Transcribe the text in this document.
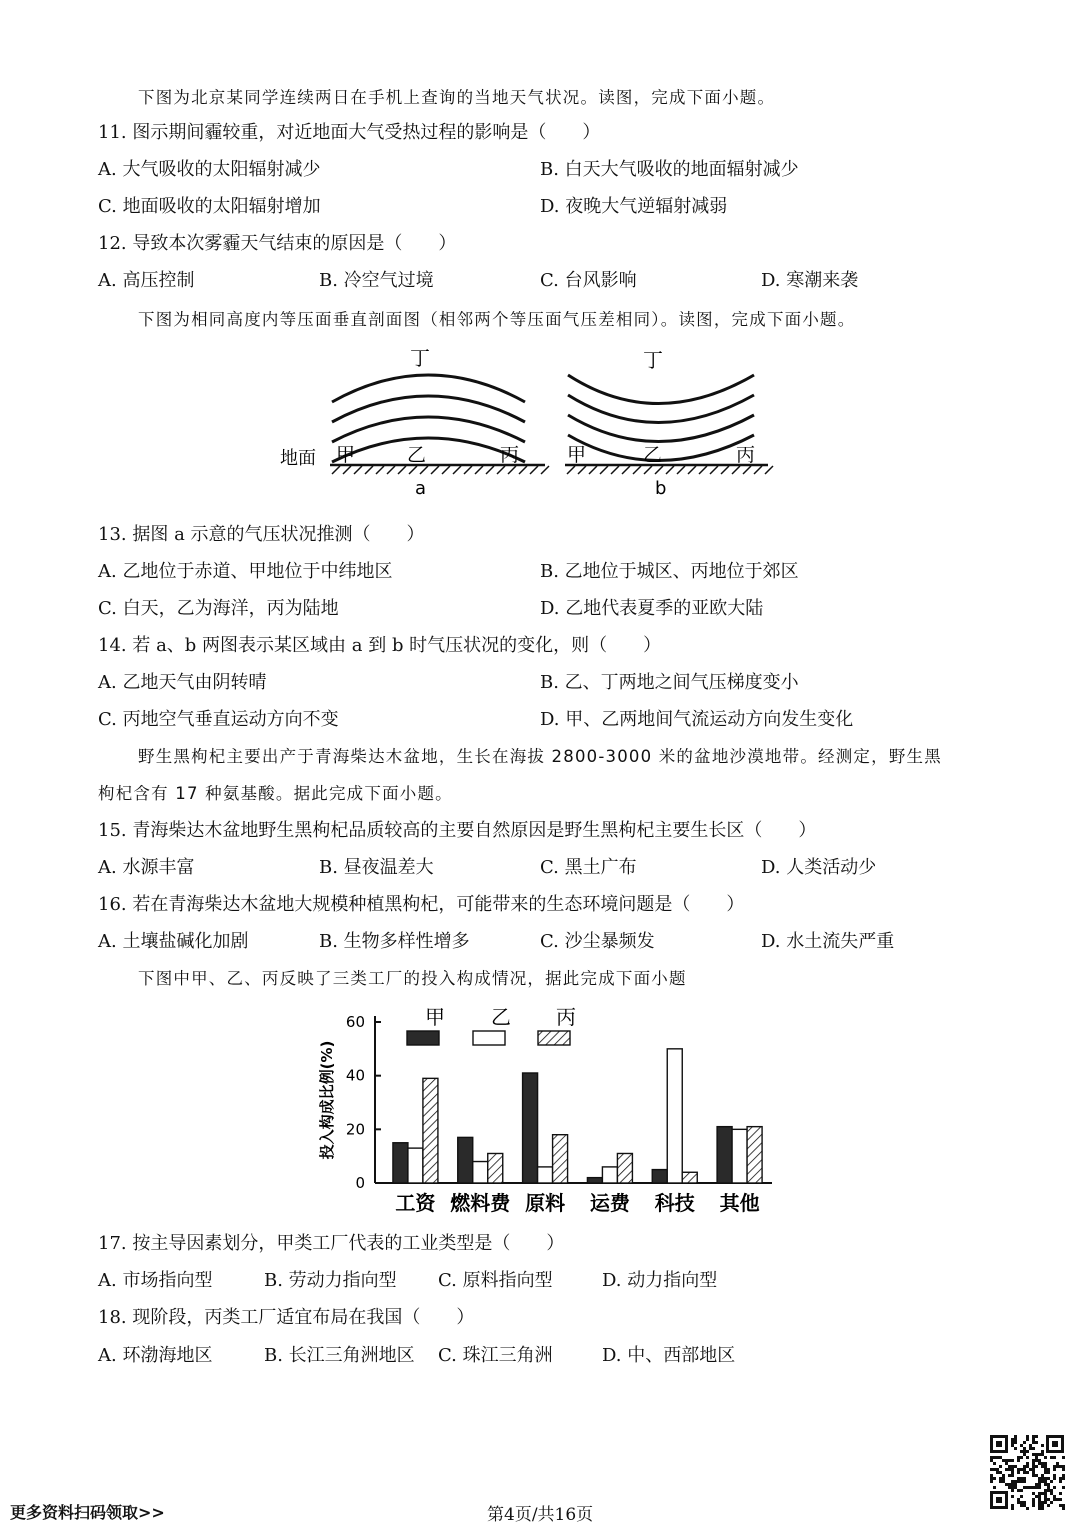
下图为北京某同学连续两日在手机上查询的当地天气状况。读图，完成下面小题。
11. 图示期间霾较重，对近地面大气受热过程的影响是（　　）
A. 大气吸收的太阳辐射减少	B. 白天大气吸收的地面辐射减少
C. 地面吸收的太阳辐射增加	D. 夜晚大气逆辐射减弱
12. 导致本次雾霾天气结束的原因是（　　）
A. 高压控制	B. 冷空气过境	C. 台风影响	D. 寒潮来袭
下图为相同高度内等压面垂直剖面图（相邻两个等压面气压差相同）。读图，完成下面小题。
地面
丁	丁
甲	乙	丙	甲	乙	丙
a	b
13. 据图 a 示意的气压状况推测（　　）
A. 乙地位于赤道、甲地位于中纬地区	B. 乙地位于城区、丙地位于郊区
C. 白天，乙为海洋，丙为陆地	D. 乙地代表夏季的亚欧大陆
14. 若 a、b 两图表示某区域由 a 到 b 时气压状况的变化，则（　　）
A. 乙地天气由阴转晴	B. 乙、丁两地之间气压梯度变小
C. 丙地空气垂直运动方向不变	D. 甲、乙两地间气流运动方向发生变化
野生黑枸杞主要出产于青海柴达木盆地，生长在海拔 2800-3000 米的盆地沙漠地带。经测定，野生黑
枸杞含有 17 种氨基酸。据此完成下面小题。
15. 青海柴达木盆地野生黑枸杞品质较高的主要自然原因是野生黑枸杞主要生长区（　　）
A. 水源丰富	B. 昼夜温差大	C. 黑土广布	D. 人类活动少
16. 若在青海柴达木盆地大规模种植黑枸杞，可能带来的生态环境问题是（　　）
A. 土壤盐碱化加剧	B. 生物多样性增多	C. 沙尘暴频发	D. 水土流失严重
下图中甲、乙、丙反映了三类工厂的投入构成情况，据此完成下面小题
投入构成比例(%)
0
20
40
60
工资 燃料费 原料 运费 科技 其他
甲 乙 丙
17. 按主导因素划分，甲类工厂代表的工业类型是（　　）
A. 市场指向型	B. 劳动力指向型 C. 原料指向型	D. 动力指向型
18. 现阶段，丙类工厂适宜布局在我国（　　）
A. 环渤海地区	B. 长江三角洲地区 C. 珠江三角洲	D. 中、西部地区
更多资料扫码领取>>	第4页/共16页
